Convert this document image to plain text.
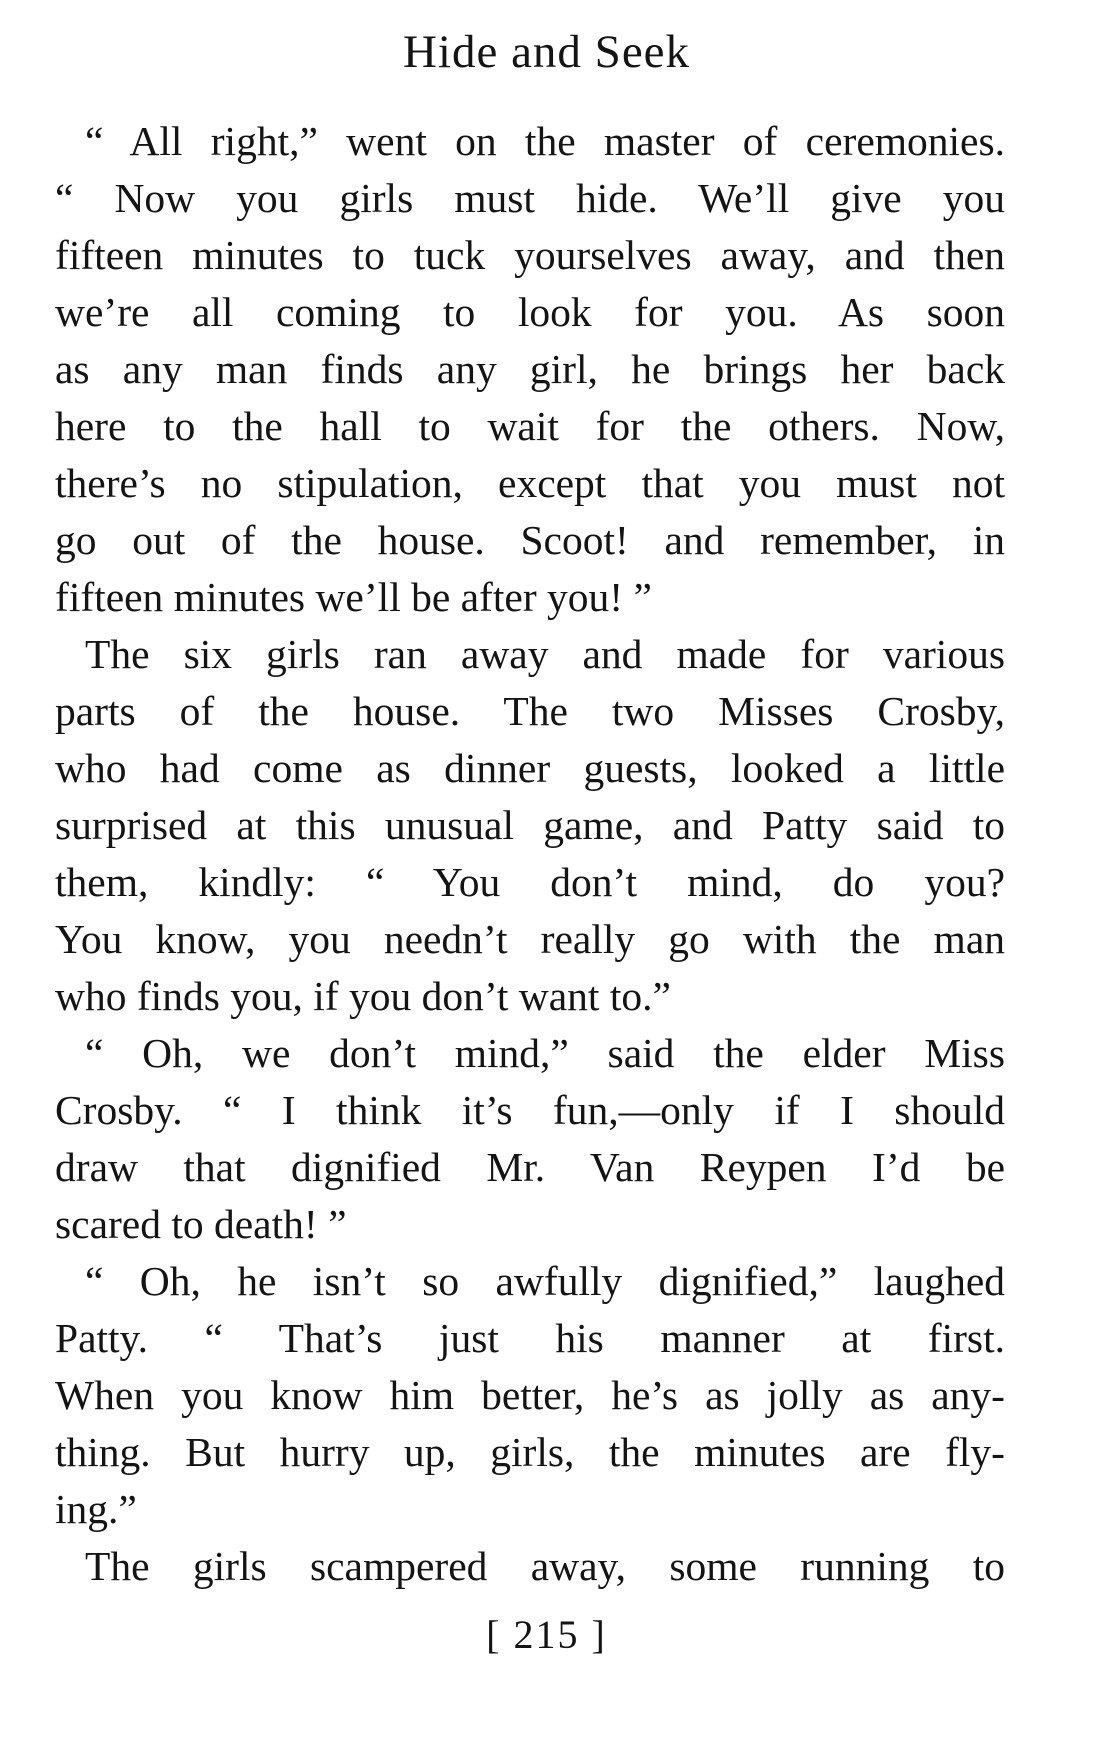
Hide and Seek
“ All right,” went on the master of ceremonies.
“ Now you girls must hide. We’ll give you
fifteen minutes to tuck yourselves away, and then
we’re all coming to look for you. As soon
as any man finds any girl, he brings her back
here to the hall to wait for the others. Now,
there’s no stipulation, except that you must not
go out of the house. Scoot! and remember, in
fifteen minutes we’ll be after you! ”
The six girls ran away and made for various
parts of the house. The two Misses Crosby,
who had come as dinner guests, looked a little
surprised at this unusual game, and Patty said to
them, kindly: “ You don’t mind, do you?
You know, you needn’t really go with the man
who finds you, if you don’t want to.”
“ Oh, we don’t mind,” said the elder Miss
Crosby. “ I think it’s fun,—only if I should
draw that dignified Mr. Van Reypen I’d be
scared to death! ”
“ Oh, he isn’t so awfully dignified,” laughed
Patty. “ That’s just his manner at first.
When you know him better, he’s as jolly as any-
thing. But hurry up, girls, the minutes are fly-
ing.”
The girls scampered away, some running to
[ 215 ]
